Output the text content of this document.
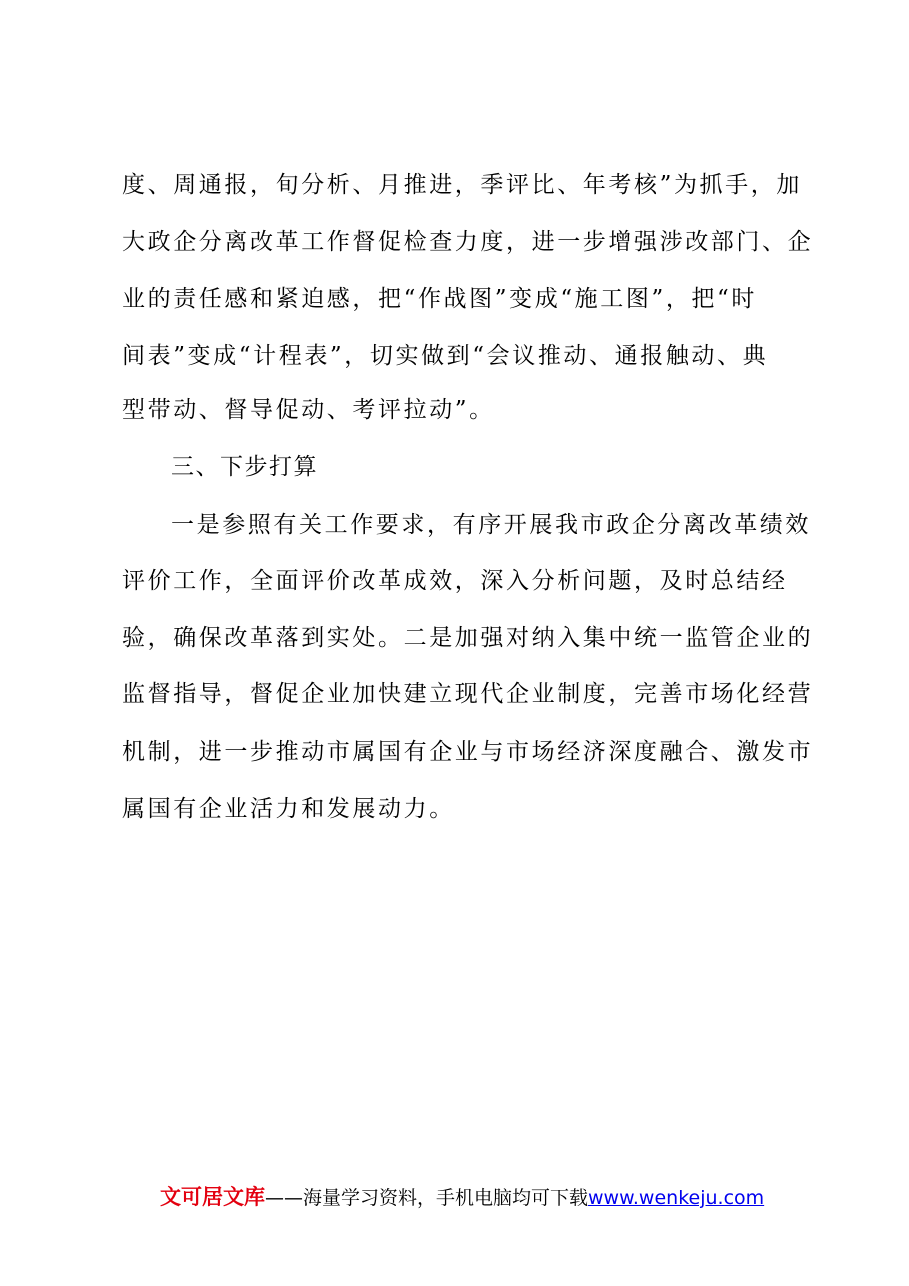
度、周通报，旬分析、月推进，季评比、年考核”为抓手，加
大政企分离改革工作督促检查力度，进一步增强涉改部门、企
业的责任感和紧迫感，把“作战图”变成“施工图”，把“时
间表”变成“计程表”，切实做到“会议推动、通报触动、典
型带动、督导促动、考评拉动”。
三、下步打算
一是参照有关工作要求，有序开展我市政企分离改革绩效
评价工作，全面评价改革成效，深入分析问题，及时总结经
验，确保改革落到实处。二是加强对纳入集中统一监管企业的
监督指导，督促企业加快建立现代企业制度，完善市场化经营
机制，进一步推动市属国有企业与市场经济深度融合、激发市
属国有企业活力和发展动力。
文可居文库——海量学习资料，手机电脑均可下载www.wenkeju.com
